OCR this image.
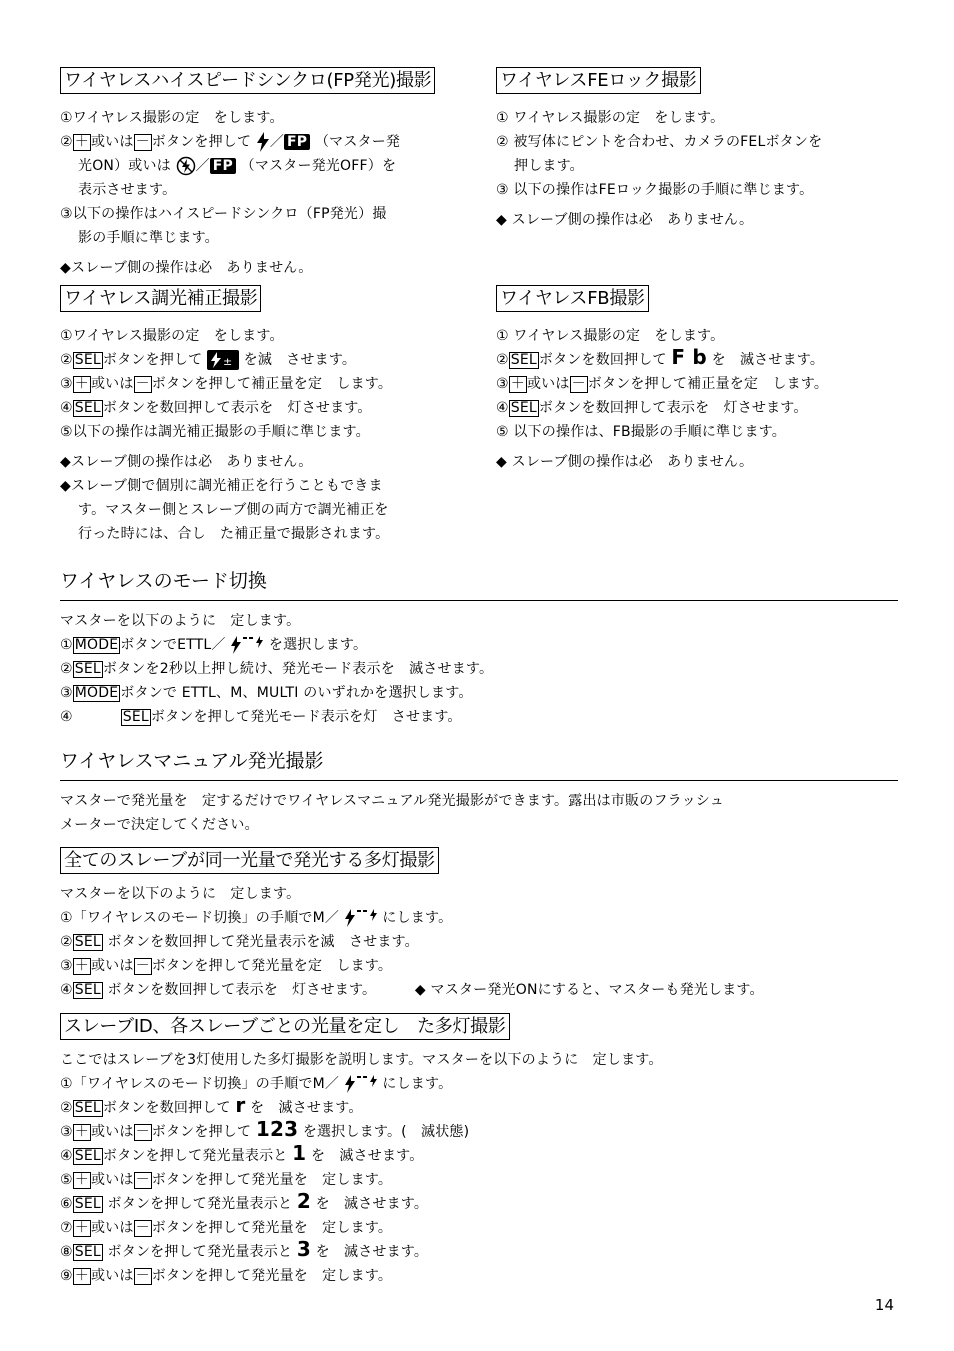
ワイヤレスハイスピードシンクロ(FP発光)撮影
①ワイヤレス撮影の定　をします。
② ＋ 或いは － ボタンを押して ／ FP （マスター発
光ON）或いは ／ FP （マスター発光OFF）を
表示させます。
③以下の操作はハイスピードシンクロ（FP発光）撮
影の手順に準じます。
◆スレーブ側の操作は必　ありません。
ワイヤレスFEロック撮影
① ワイヤレス撮影の定　をします。
② 被写体にピントを合わせ、カメラのFELボタンを
押します。
③ 以下の操作はFEロック撮影の手順に準じます。
◆ スレーブ側の操作は必　ありません。
ワイヤレス調光補正撮影
①ワイヤレス撮影の定　をします。
② SEL ボタンを押して ± を滅　させます。
③ ＋ 或いは － ボタンを押して補正量を定　します。
④ SEL ボタンを数回押して表示を　灯させます。
⑤以下の操作は調光補正撮影の手順に準じます。
◆スレーブ側の操作は必　ありません。
◆スレーブ側で個別に調光補正を行うこともできま
す。マスター側とスレーブ側の両方で調光補正を
行った時には、合し　た補正量で撮影されます。
ワイヤレスFB撮影
① ワイヤレス撮影の定　をします。
② SEL ボタンを数回押して F b を　滅させます。
③ ＋ 或いは － ボタンを押して補正量を定　します。
④ SEL ボタンを数回押して表示を　灯させます。
⑤ 以下の操作は、FB撮影の手順に準じます。
◆ スレーブ側の操作は必　ありません。
ワイヤレスのモード切換
マスターを以下のように　定します。
① MODE ボタンでETTL／	を選択します。
② SEL ボタンを2秒以上押し続け、発光モード表示を　滅させます。
③ MODE ボタンで ETTL、M、MULTI のいずれかを選択します。
④	SEL ボタンを押して発光モード表示を灯　させます。
ワイヤレスマニュアル発光撮影
マスターで発光量を　定するだけでワイヤレスマニュアル発光撮影ができます。露出は市販のフラッシュ
メーターで決定してください。
全てのスレーブが同一光量で発光する多灯撮影
マスターを以下のように　定します。
①「ワイヤレスのモード切換」の手順でM／	にします。
② SEL ボタンを数回押して発光量表示を滅　させます。
③ ＋ 或いは － ボタンを押して発光量を定　します。
④ SEL ボタンを数回押して表示を　灯させます。	◆ マスター発光ONにすると、マスターも発光します。
スレーブID、各スレーブごとの光量を定し　た多灯撮影
ここではスレーブを3灯使用した多灯撮影を説明します。マスターを以下のように　定します。
①「ワイヤレスのモード切換」の手順でM／	にします。
② SEL ボタンを数回押して r を　滅させます。
③ ＋ 或いは － ボタンを押して 123 を選択します。(　滅状態)
④ SEL ボタンを押して発光量表示と 1 を　滅させます。
⑤ ＋ 或いは － ボタンを押して発光量を　定します。
⑥ SEL ボタンを押して発光量表示と 2 を　滅させます。
⑦ ＋ 或いは － ボタンを押して発光量を　定します。
⑧ SEL ボタンを押して発光量表示と 3 を　滅させます。
⑨ ＋ 或いは － ボタンを押して発光量を　定します。
14
